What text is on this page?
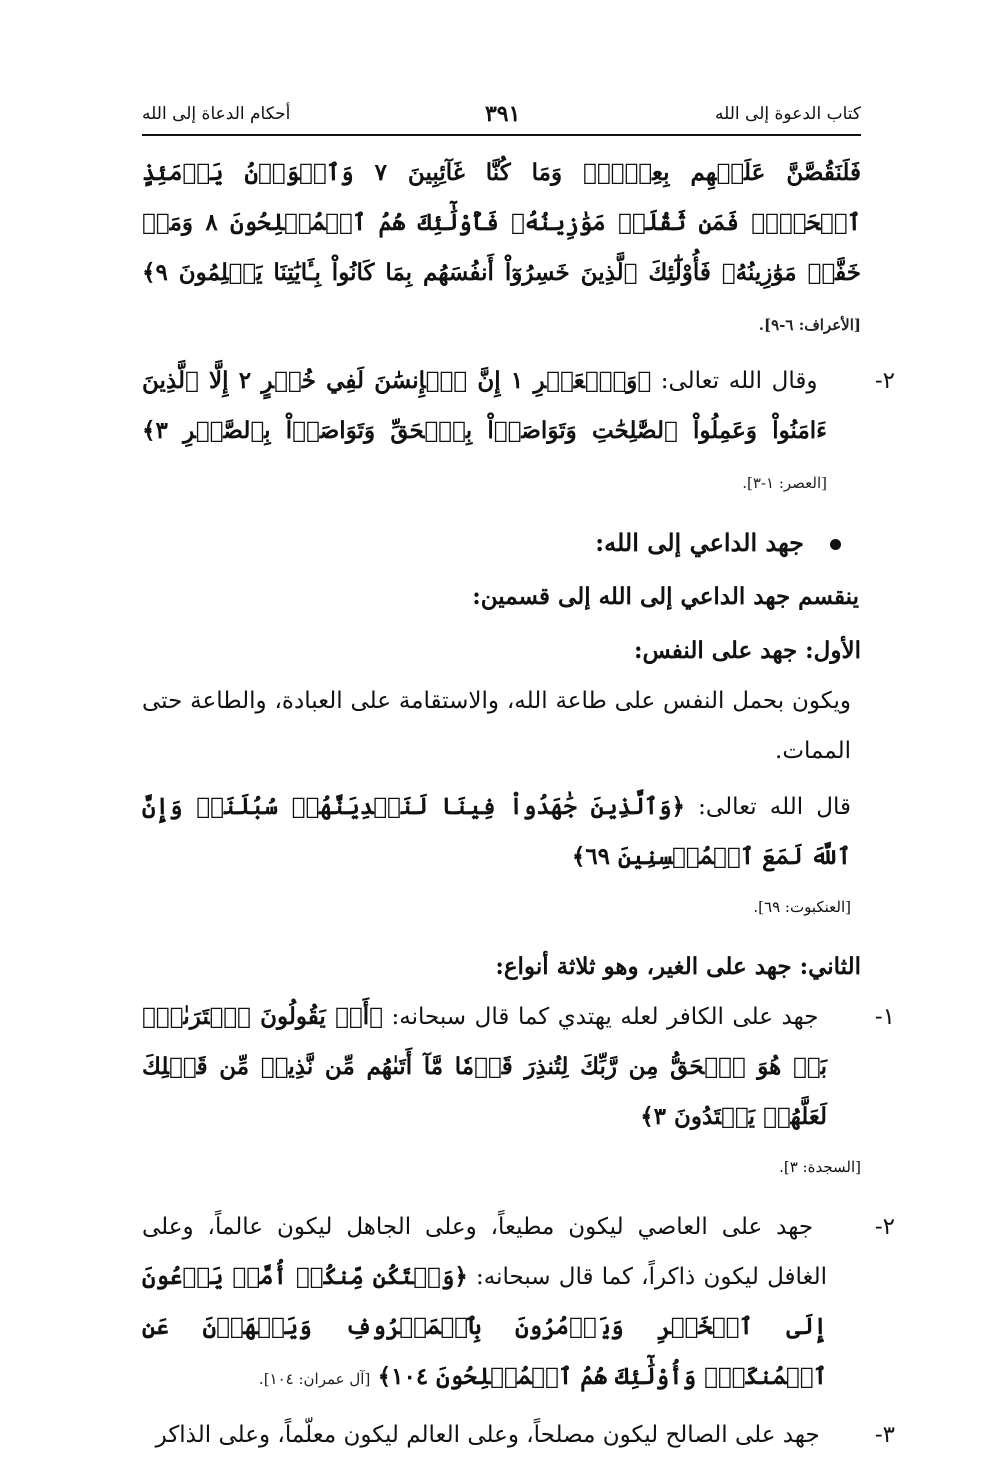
كتاب الدعوة إلى الله
٣٩١
أحكام الدعاة إلى الله

فَلَنَقُصَّنَّ عَلَيۡهِم بِعِلۡمٖۖ وَمَا كُنَّا غَآئِبِينَ ٧ وَٱلۡوَزۡنُ يَوۡمَئِذٍ ٱلۡحَقُّۚ فَمَن ثَقُلَتۡ مَوَٰزِينُهُۥ فَأُوْلَٰٓئِكَ هُمُ ٱلۡمُفۡلِحُونَ ٨ وَمَنۡ خَفَّتۡ مَوَٰزِينُهُۥ فَأُوْلَٰٓئِكَ ٱلَّذِينَ خَسِرُوٓاْ أَنفُسَهُم بِمَا كَانُواْ بِـَٔايَٰتِنَا يَظۡلِمُونَ ٩﴾ [الأعراف: ٦-٩].

٢- وقال الله تعالى: ﴿وَٱلۡعَصۡرِ ١ إِنَّ ٱلۡإِنسَٰنَ لَفِي خُسۡرٍ ٢ إِلَّا ٱلَّذِينَ ءَامَنُواْ وَعَمِلُواْ ٱلصَّٰلِحَٰتِ وَتَوَاصَوۡاْ بِٱلۡحَقِّ وَتَوَاصَوۡاْ بِٱلصَّبۡرِ ٣﴾ [العصر: ١-٣].

جهد الداعي إلى الله:
ينقسم جهد الداعي إلى الله إلى قسمين:
الأول: جهد على النفس:

ويكون بحمل النفس على طاعة الله، والاستقامة على العبادة، والطاعة حتى الممات.

قال الله تعالى: ﴿وَٱلَّذِينَ جَٰهَدُواْ فِينَا لَنَهۡدِيَنَّهُمۡ سُبُلَنَاۚ وَإِنَّ ٱللَّهَ لَمَعَ ٱلۡمُحۡسِنِينَ ٦٩﴾

[العنكبوت: ٦٩].
الثاني: جهد على الغير، وهو ثلاثة أنواع:

١- جهد على الكافر لعله يهتدي كما قال سبحانه: ﴿أَمۡ يَقُولُونَ ٱفۡتَرَىٰهُۚ بَلۡ هُوَ ٱلۡحَقُّ مِن رَّبِّكَ لِتُنذِرَ قَوۡمٗا مَّآ أَتَىٰهُم مِّن نَّذِيرٖ مِّن قَبۡلِكَ لَعَلَّهُمۡ يَهۡتَدُونَ ٣﴾

[السجدة: ٣].

٢- جهد على العاصي ليكون مطيعاً، وعلى الجاهل ليكون عالماً، وعلى الغافل ليكون ذاكراً، كما قال سبحانه: ﴿وَلۡتَكُن مِّنكُمۡ أُمَّةٞ يَدۡعُونَ إِلَى ٱلۡخَيۡرِ وَيَأۡمُرُونَ بِٱلۡمَعۡرُوفِ وَيَنۡهَوۡنَ عَنِ ٱلۡمُنكَرِۚ وَأُوْلَٰٓئِكَ هُمُ ٱلۡمُفۡلِحُونَ ١٠٤﴾ [آل عمران: ١٠٤].

٣- جهد على الصالح ليكون مصلحاً، وعلى العالم ليكون معلّماً، وعلى الذاكر
